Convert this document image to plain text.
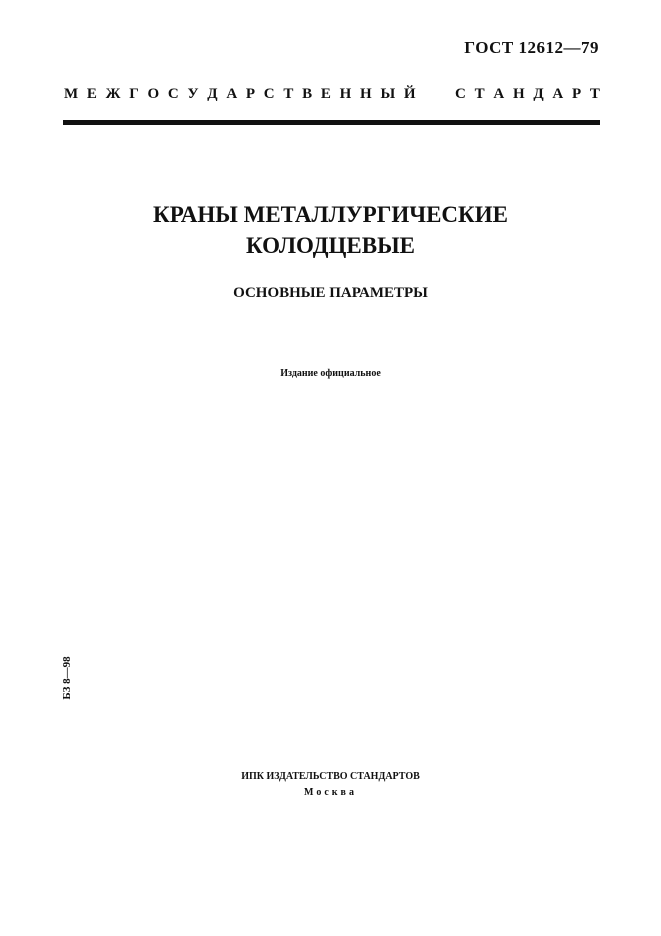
ГОСТ 12612—79
М Е Ж Г О С У Д А Р С Т В Е Н Н Ы Й
	С Т А Н Д А Р Т
КРАНЫ МЕТАЛЛУРГИЧЕСКИЕ
КОЛОДЦЕВЫЕ
ОСНОВНЫЕ ПАРАМЕТРЫ
Издание официальное
БЗ 8—98
ИПК ИЗДАТЕЛЬСТВО СТАНДАРТОВ
Москва
